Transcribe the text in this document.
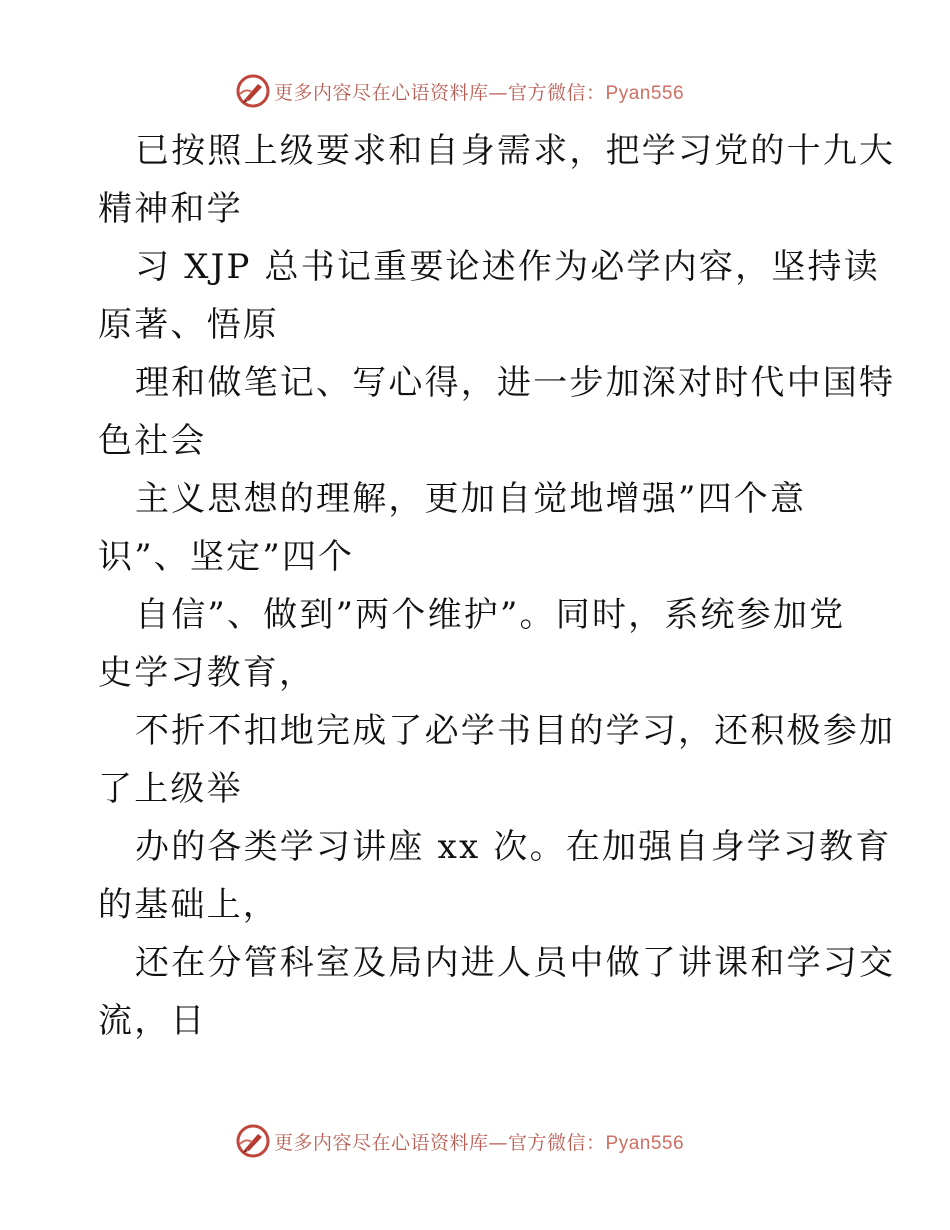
更多内容尽在心语资料库—官方微信：Pyan556
已按照上级要求和自身需求，把学习党的十九大
精神和学
习 XJP 总书记重要论述作为必学内容，坚持读
原著、悟原
理和做笔记、写心得，进一步加深对时代中国特
色社会
主义思想的理解，更加自觉地增强”四个意
识”、坚定”四个
自信”、做到”两个维护”。同时，系统参加党
史学习教育，
不折不扣地完成了必学书目的学习，还积极参加
了上级举
办的各类学习讲座 xx 次。在加强自身学习教育
的基础上，
还在分管科室及局内进人员中做了讲课和学习交
流，日
更多内容尽在心语资料库—官方微信：Pyan556
